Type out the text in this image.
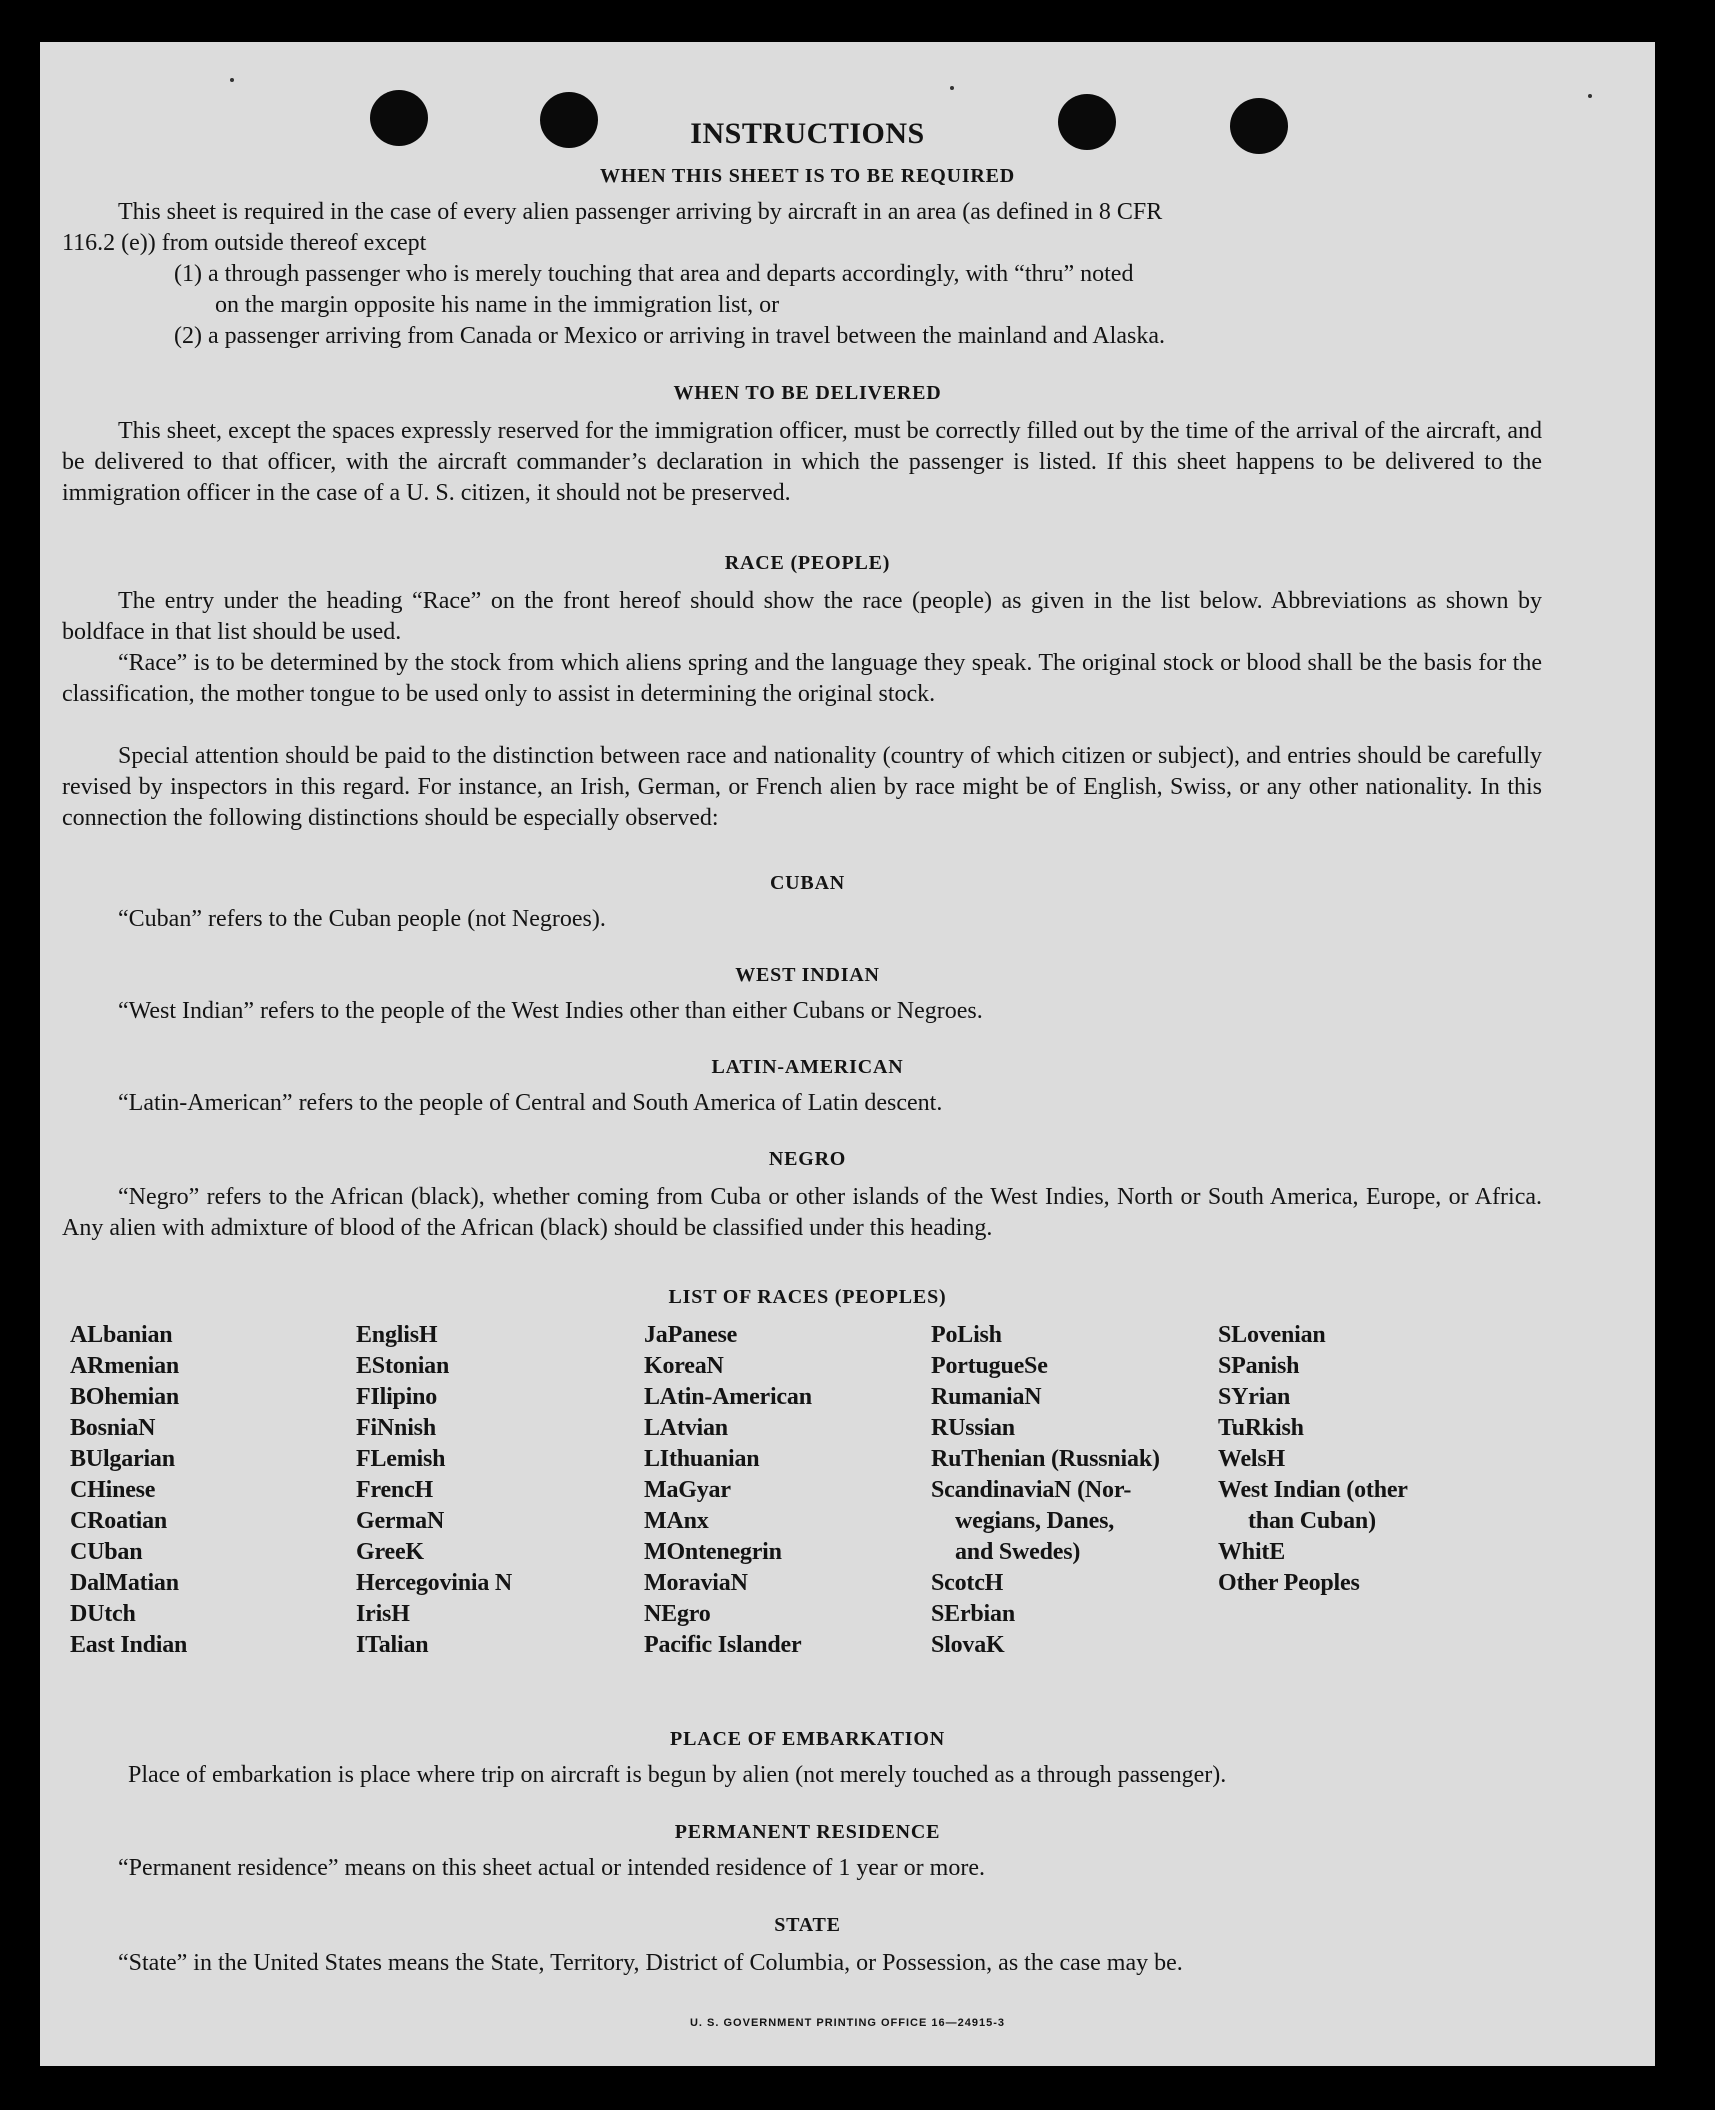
INSTRUCTIONS
WHEN THIS SHEET IS TO BE REQUIRED
This sheet is required in the case of every alien passenger arriving by aircraft in an area (as defined in 8 CFR
116.2 (e)) from outside thereof except
(1) a through passenger who is merely touching that area and departs accordingly, with “thru” noted
on the margin opposite his name in the immigration list, or
(2) a passenger arriving from Canada or Mexico or arriving in travel between the mainland and Alaska.
WHEN TO BE DELIVERED
This sheet, except the spaces expressly reserved for the immigration officer, must be correctly filled out by the time of the arrival of the aircraft, and be delivered to that officer, with the aircraft commander’s declaration in which the passenger is listed. If this sheet happens to be delivered to the immigration officer in the case of a U. S. citizen, it should not be preserved.
RACE (PEOPLE)
The entry under the heading “Race” on the front hereof should show the race (people) as given in the list below. Abbreviations as shown by boldface in that list should be used.
“Race” is to be determined by the stock from which aliens spring and the language they speak. The original stock or blood shall be the basis for the classification, the mother tongue to be used only to assist in determining the original stock.
Special attention should be paid to the distinction between race and nationality (country of which citizen or subject), and entries should be carefully revised by inspectors in this regard. For instance, an Irish, German, or French alien by race might be of English, Swiss, or any other nationality. In this connection the following distinctions should be especially observed:
CUBAN
“Cuban” refers to the Cuban people (not Negroes).
WEST INDIAN
“West Indian” refers to the people of the West Indies other than either Cubans or Negroes.
LATIN-AMERICAN
“Latin-American” refers to the people of Central and South America of Latin descent.
NEGRO
“Negro” refers to the African (black), whether coming from Cuba or other islands of the West Indies, North or South America, Europe, or Africa. Any alien with admixture of blood of the African (black) should be classified under this heading.
LIST OF RACES (PEOPLES)
ALbanian
ARmenian
BOhemian
BosniaN
BUlgarian
CHinese
CRoatian
CUban
DalMatian
DUtch
East Indian
EnglisH
EStonian
FIlipino
FiNnish
FLemish
FrencH
GermaN
GreeK
Hercegovinia N
IrisH
ITalian
JaPanese
KoreaN
LAtin-American
LAtvian
LIthuanian
MaGyar
MAnx
MOntenegrin
MoraviaN
NEgro
Pacific Islander
PoLish
PortugueSe
RumaniaN
RUssian
RuThenian (Russniak)
ScandinaviaN (Nor-
wegians, Danes,
and Swedes)
ScotcH
SErbian
SlovaK
SLovenian
SPanish
SYrian
TuRkish
WelsH
West Indian (other
than Cuban)
WhitE
Other Peoples
PLACE OF EMBARKATION
Place of embarkation is place where trip on aircraft is begun by alien (not merely touched as a through passenger).
PERMANENT RESIDENCE
“Permanent residence” means on this sheet actual or intended residence of 1 year or more.
STATE
“State” in the United States means the State, Territory, District of Columbia, or Possession, as the case may be.
U. S. GOVERNMENT PRINTING OFFICE 16—24915-3
